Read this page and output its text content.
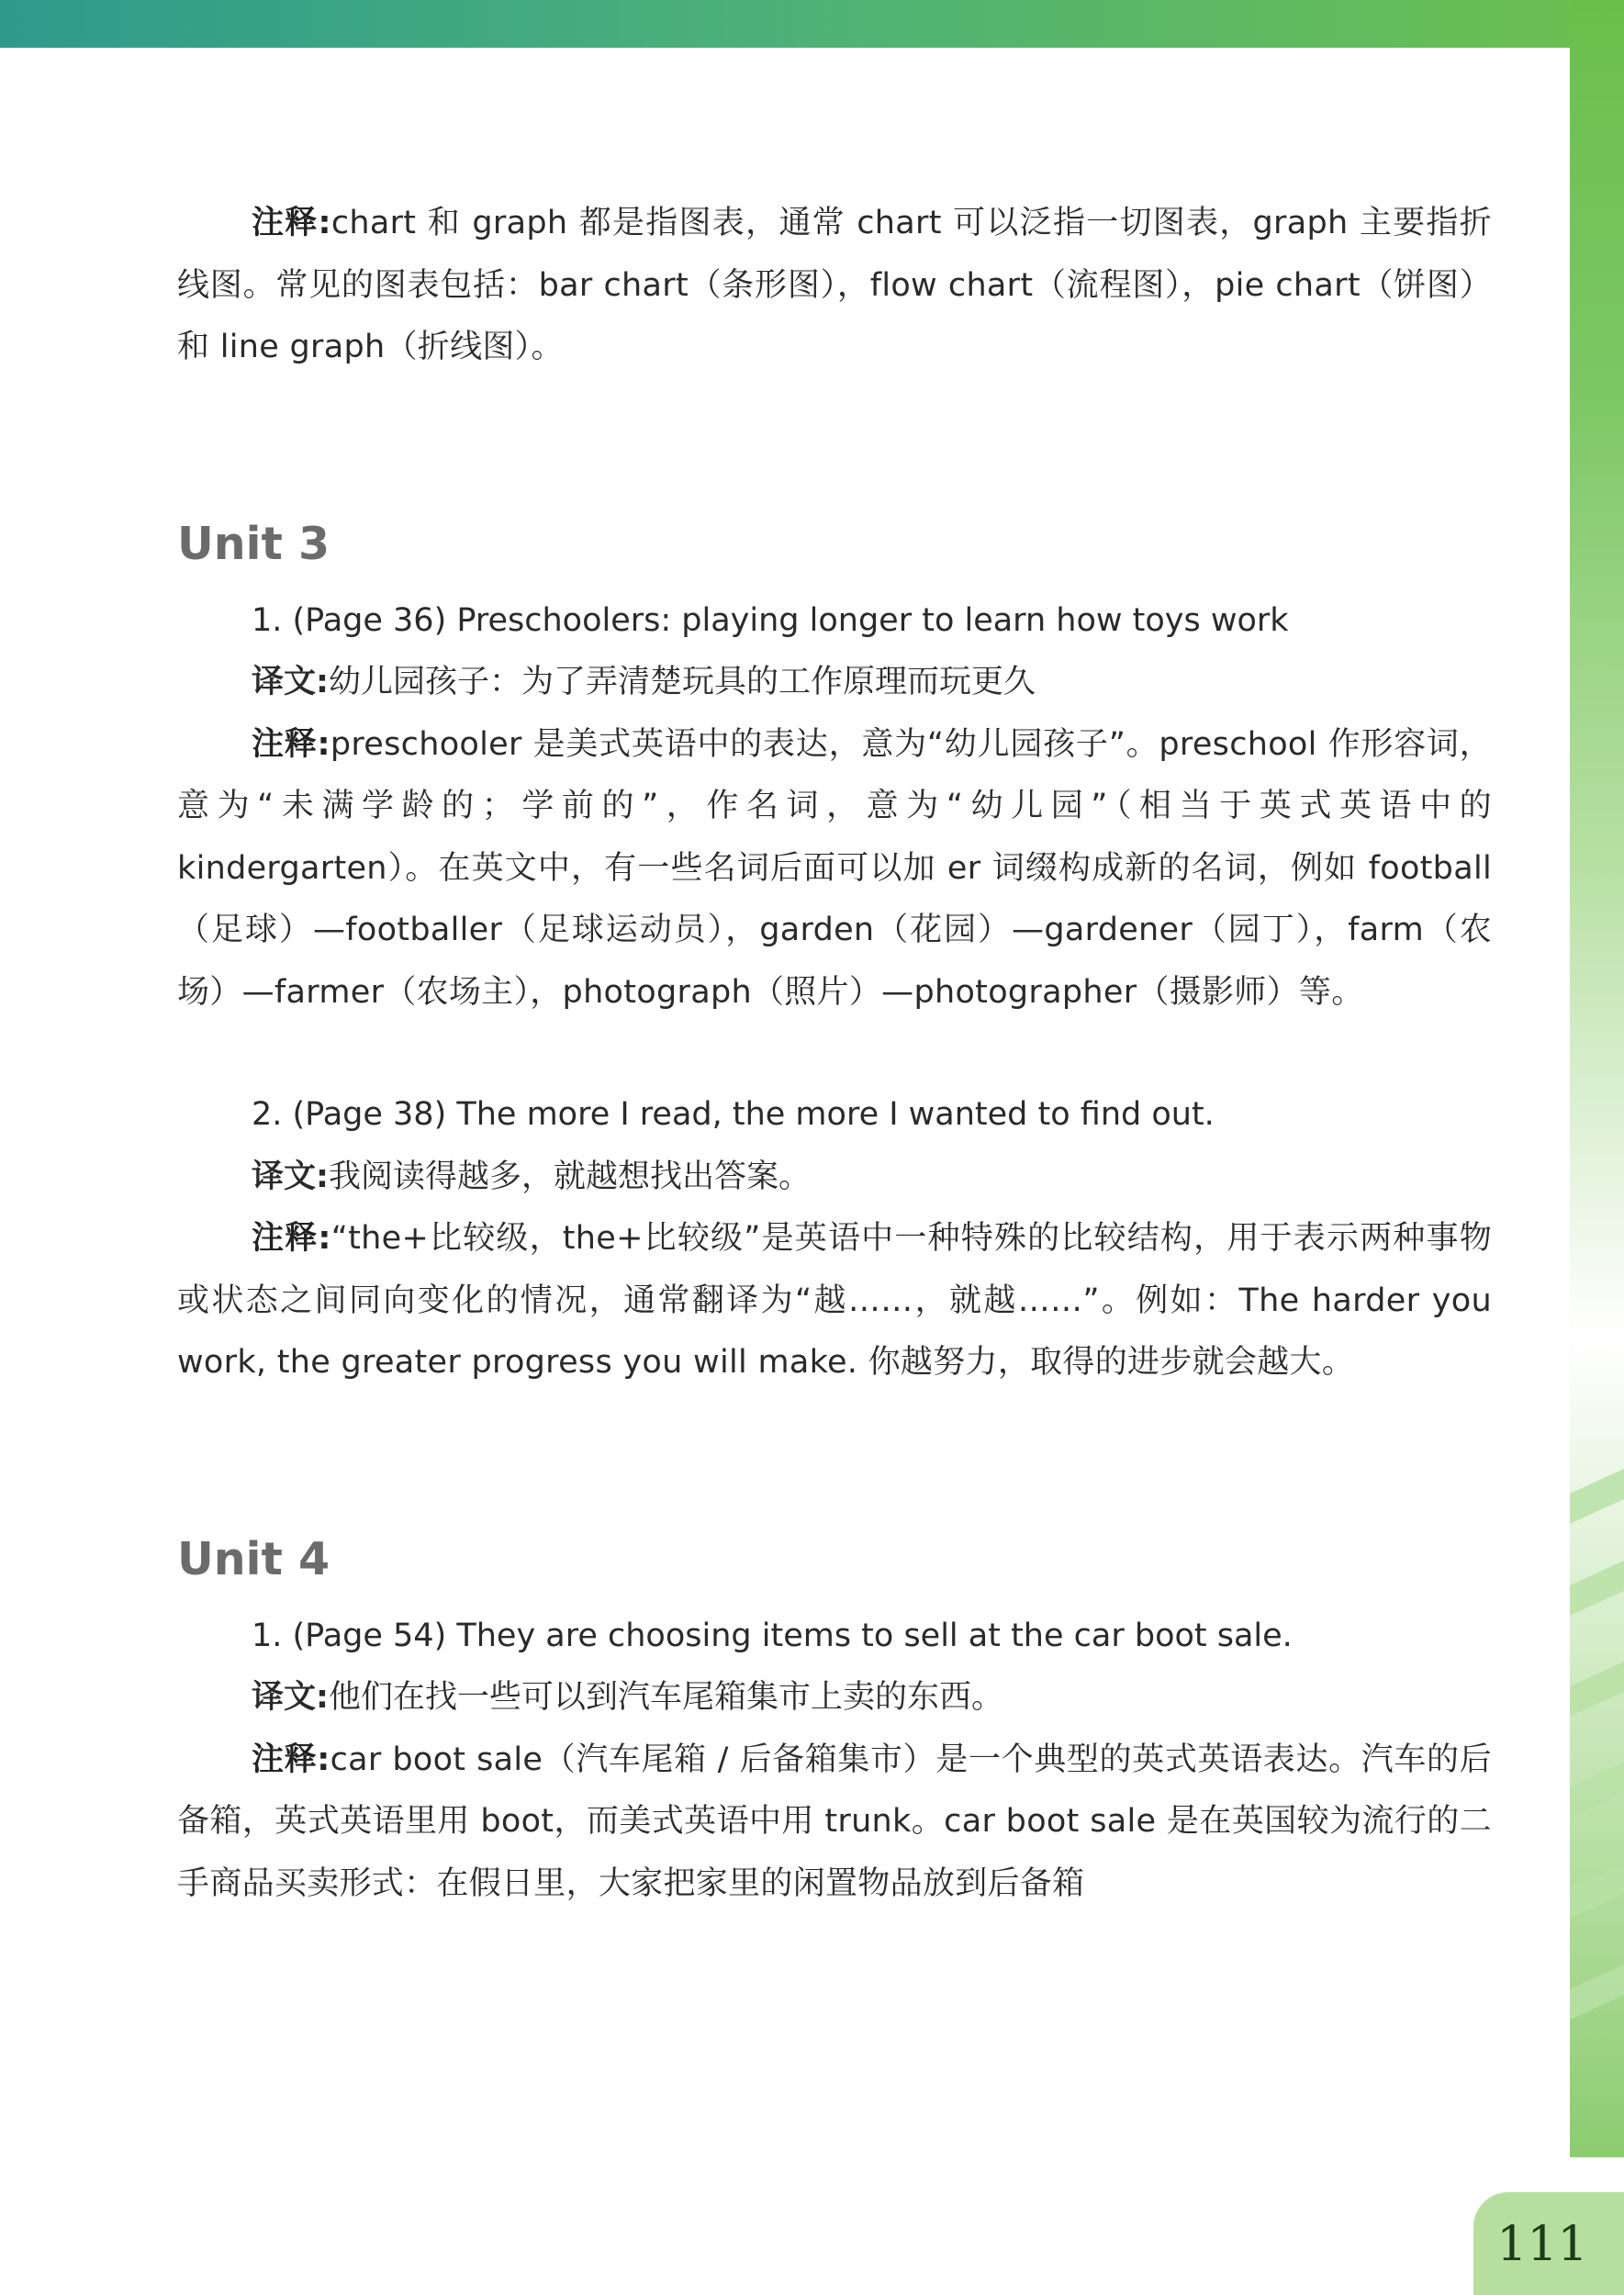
111

注释:chart 和 graph 都是指图表，通常 chart 可以泛指一切图表，graph 主要指折线图。常见的图表包括：bar chart（条形图），flow chart（流程图），pie chart（饼图）和 line graph（折线图）。

Unit 3

1. (Page 36) Preschoolers: playing longer to learn how toys work

译文:幼儿园孩子：为了弄清楚玩具的工作原理而玩更久

注释:preschooler 是美式英语中的表达，意为“幼儿园孩子”。preschool 作形容词，意为“未满学龄的；学前的”，作名词，意为“幼儿园”（相当于英式英语中的 kindergarten）。在英文中，有一些名词后面可以加 er 词缀构成新的名词，例如 football（足球）—footballer（足球运动员），garden（花园）—gardener（园丁），farm（农场）—farmer（农场主），photograph（照片）—photographer（摄影师）等。

2. (Page 38) The more I read, the more I wanted to find out.

译文:我阅读得越多，就越想找出答案。

注释:“the+比较级，the+比较级”是英语中一种特殊的比较结构，用于表示两种事物或状态之间同向变化的情况，通常翻译为“越……，就越……”。例如：The harder you work, the greater progress you will make. 你越努力，取得的进步就会越大。

Unit 4

1. (Page 54) They are choosing items to sell at the car boot sale.

译文:他们在找一些可以到汽车尾箱集市上卖的东西。

注释:car boot sale（汽车尾箱 / 后备箱集市）是一个典型的英式英语表达。汽车的后备箱，英式英语里用 boot，而美式英语中用 trunk。car boot sale 是在英国较为流行的二手商品买卖形式：在假日里，大家把家里的闲置物品放到后备箱
